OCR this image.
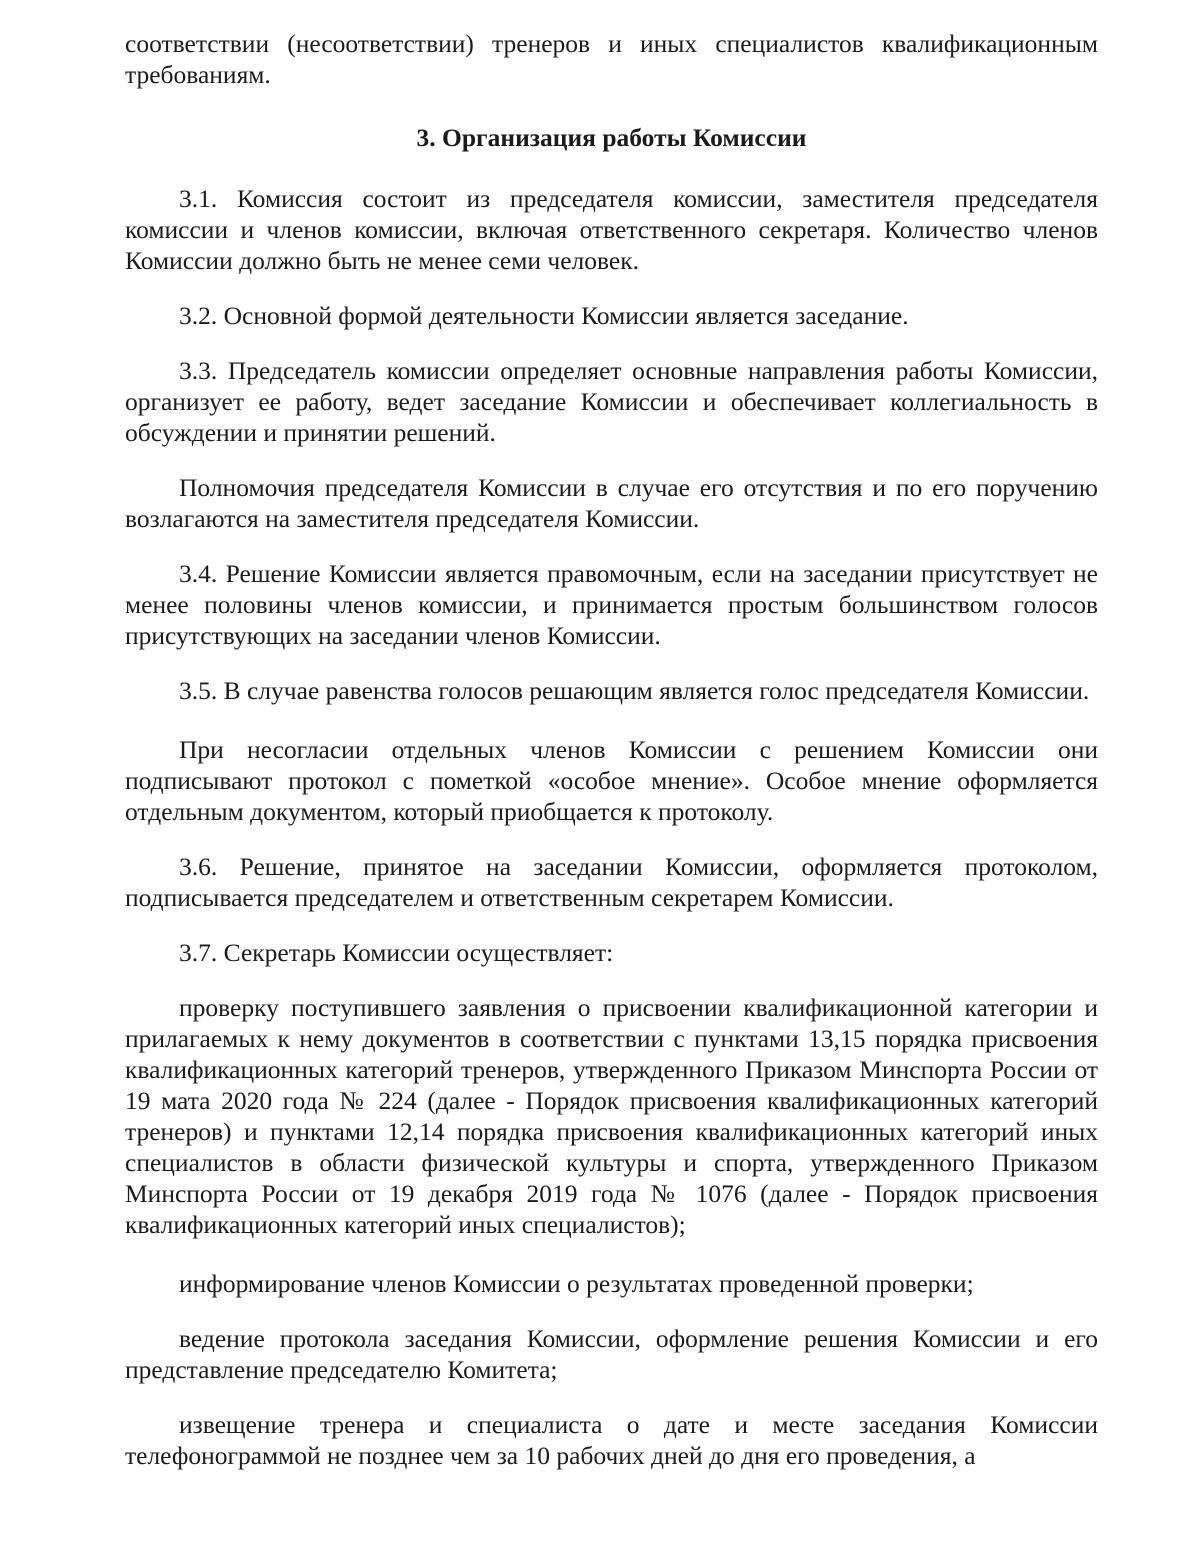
соответствии (несоответствии) тренеров и иных специалистов квалификационным требованиям.

3. Организация работы Комиссии

3.1. Комиссия состоит из председателя комиссии, заместителя председателя комиссии и членов комиссии, включая ответственного секретаря. Количество членов Комиссии должно быть не менее семи человек.

3.2. Основной формой деятельности Комиссии является заседание.

3.3. Председатель комиссии определяет основные направления работы Комиссии, организует ее работу, ведет заседание Комиссии и обеспечивает коллегиальность в обсуждении и принятии решений.

Полномочия председателя Комиссии в случае его отсутствия и по его поручению возлагаются на заместителя председателя Комиссии.

3.4. Решение Комиссии является правомочным, если на заседании присутствует не менее половины членов комиссии, и принимается простым большинством голосов присутствующих на заседании членов Комиссии.

3.5. В случае равенства голосов решающим является голос председателя Комиссии.

При несогласии отдельных членов Комиссии с решением Комиссии они подписывают протокол с пометкой «особое мнение». Особое мнение оформляется отдельным документом, который приобщается к протоколу.

3.6. Решение, принятое на заседании Комиссии, оформляется протоколом, подписывается председателем и ответственным секретарем Комиссии.

3.7. Секретарь Комиссии осуществляет:

проверку поступившего заявления о присвоении квалификационной категории и прилагаемых к нему документов в соответствии с пунктами 13,15 порядка присвоения квалификационных категорий тренеров, утвержденного Приказом Минспорта России от 19 мата 2020 года № 224 (далее - Порядок присвоения квалификационных категорий тренеров) и пунктами 12,14 порядка присвоения квалификационных категорий иных специалистов в области физической культуры и спорта, утвержденного Приказом Минспорта России от 19 декабря 2019 года № 1076 (далее - Порядок присвоения квалификационных категорий иных специалистов);

информирование членов Комиссии о результатах проведенной проверки;

ведение протокола заседания Комиссии, оформление решения Комиссии и его представление председателю Комитета;

извещение тренера и специалиста о дате и месте заседания Комиссии телефонограммой не позднее чем за 10 рабочих дней до дня его проведения, а
